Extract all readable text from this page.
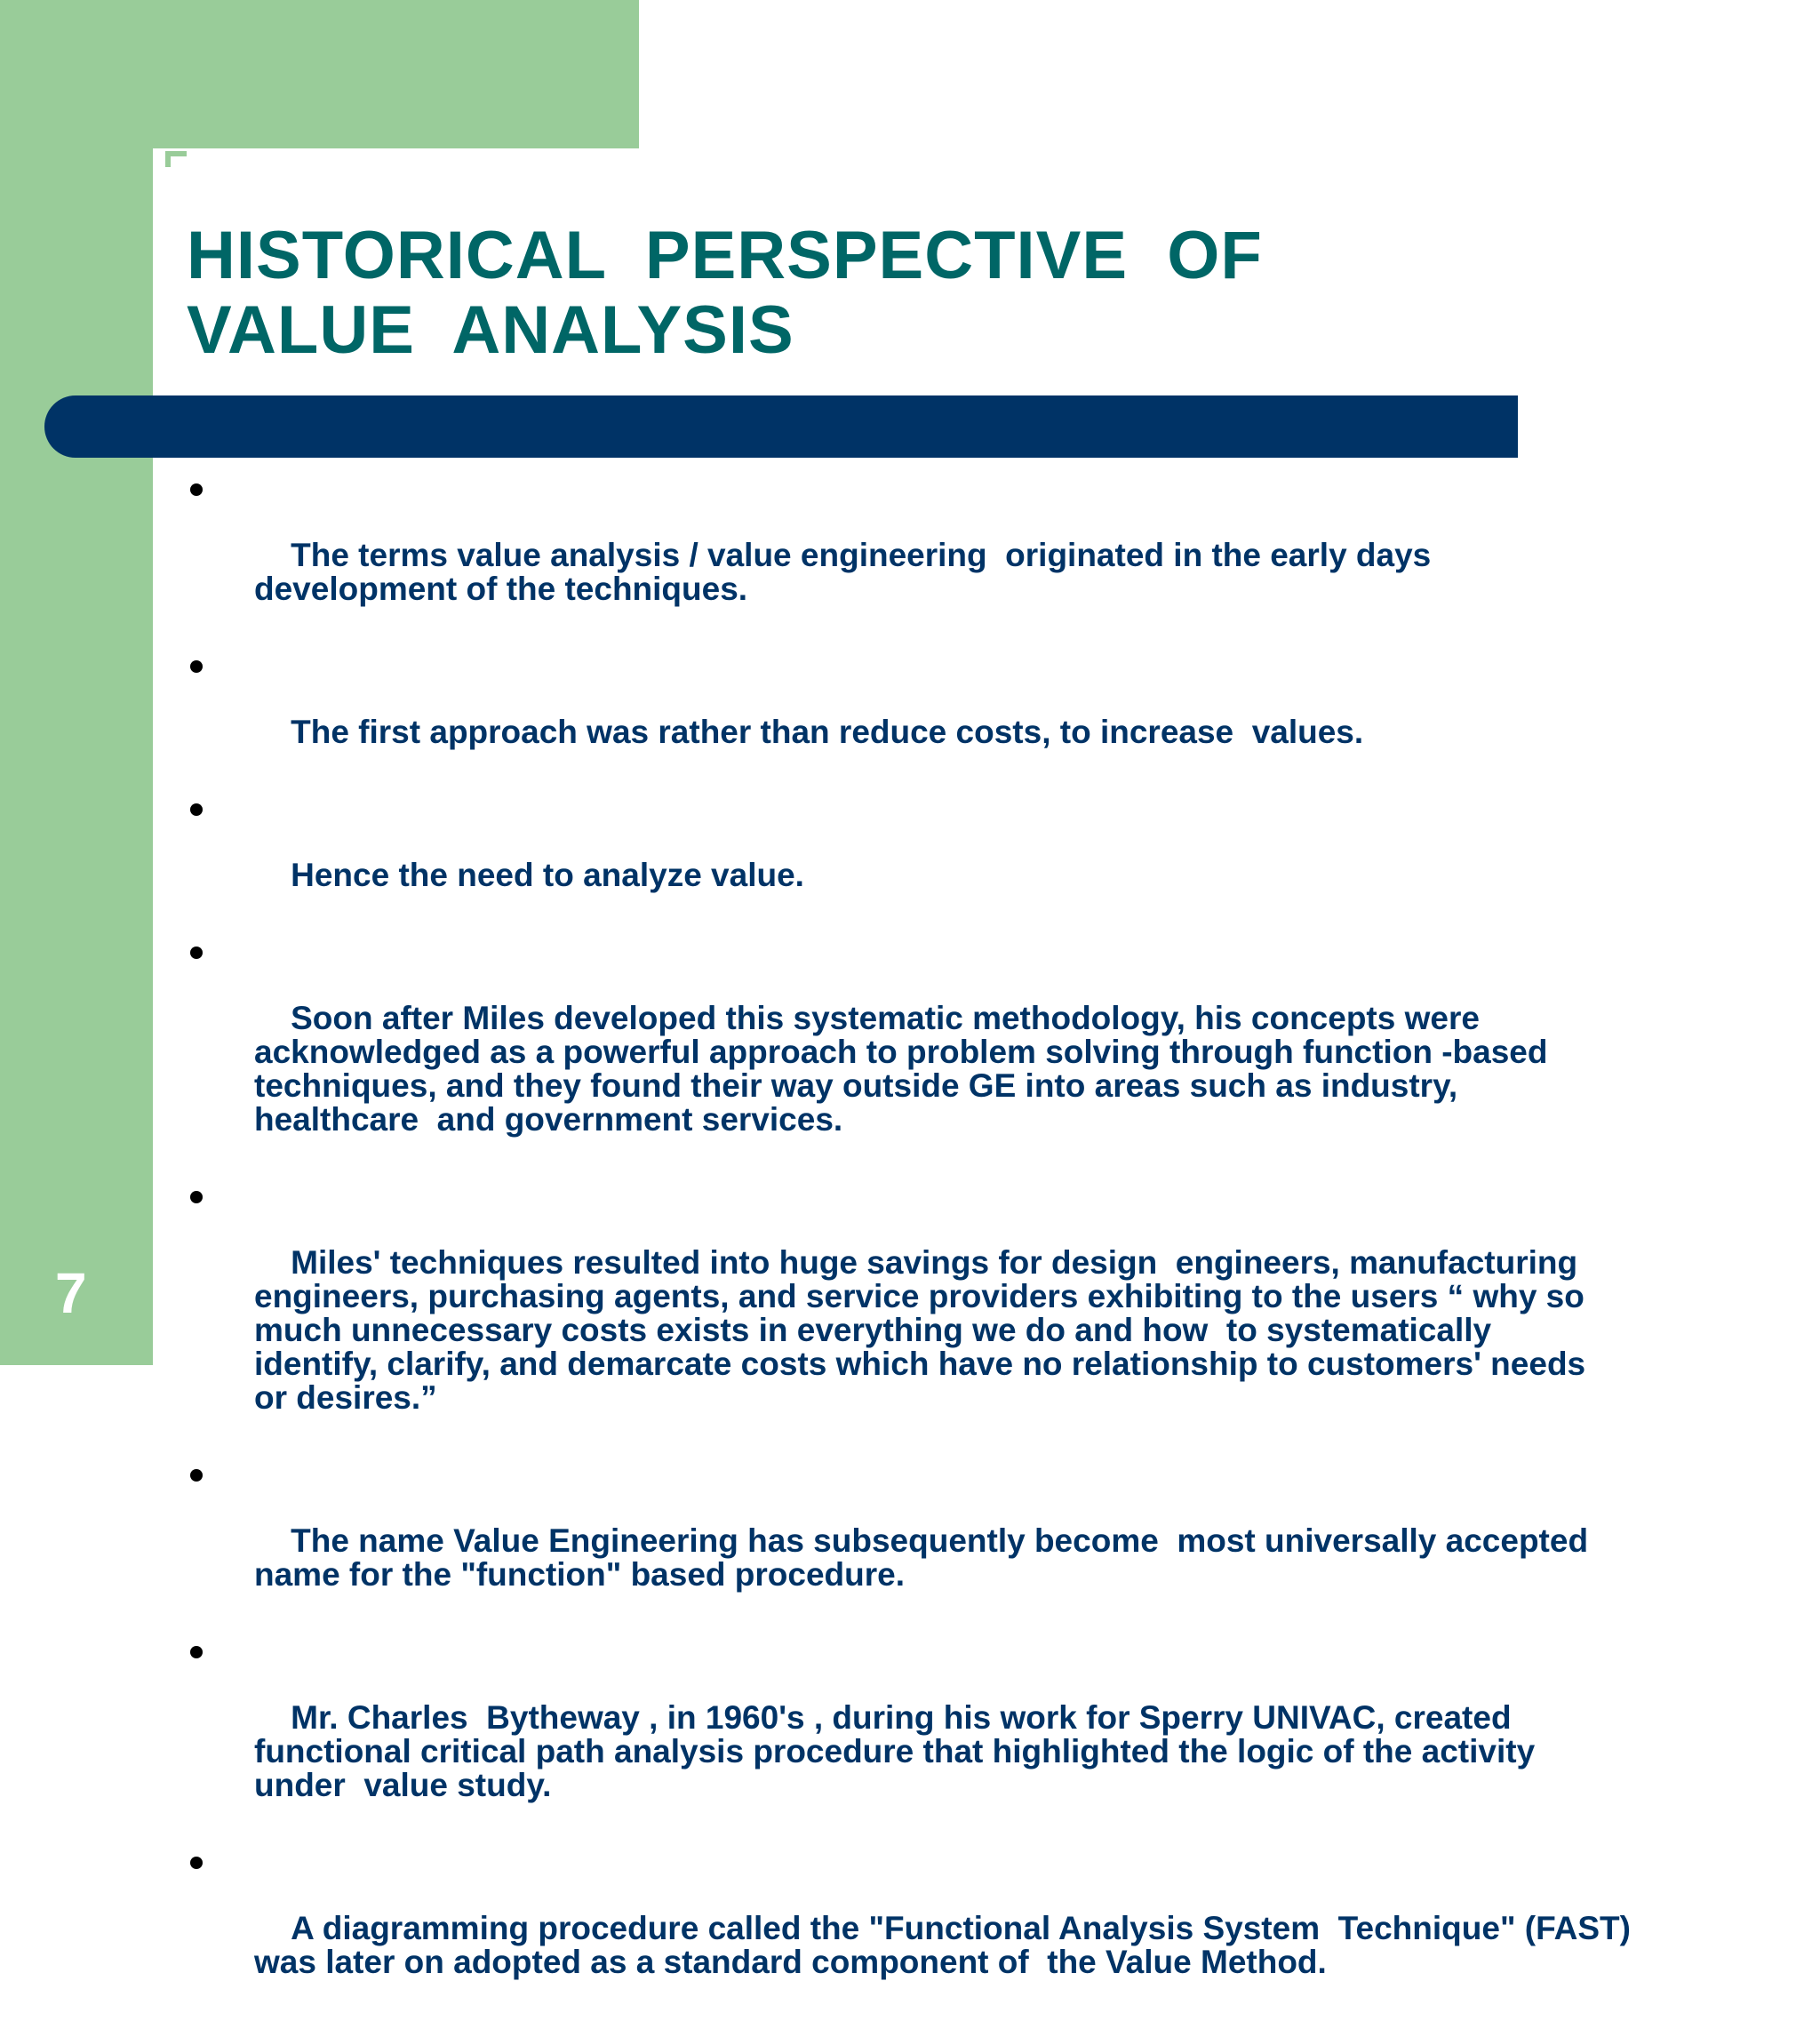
HISTORICAL  PERSPECTIVE  OF
VALUE  ANALYSIS

The terms value analysis / value engineering  originated in the early days
development of the techniques.

The first approach was rather than reduce costs, to increase  values.

Hence the need to analyze value.

Soon after Miles developed this systematic methodology, his concepts were
acknowledged as a powerful approach to problem solving through function -based
techniques, and they found their way outside GE into areas such as industry,
healthcare  and government services.

Miles' techniques resulted into huge savings for design  engineers, manufacturing
engineers, purchasing agents, and service providers exhibiting to the users “ why so
much unnecessary costs exists in everything we do and how  to systematically
identify, clarify, and demarcate costs which have no relationship to customers' needs
or desires.”

The name Value Engineering has subsequently become  most universally accepted
name for the "function" based procedure.

Mr. Charles  Bytheway , in 1960's , during his work for Sperry UNIVAC, created
functional critical path analysis procedure that highlighted the logic of the activity
under  value study.

A diagramming procedure called the "Functional Analysis System  Technique" (FAST)
was later on adopted as a standard component of  the Value Method.

7
